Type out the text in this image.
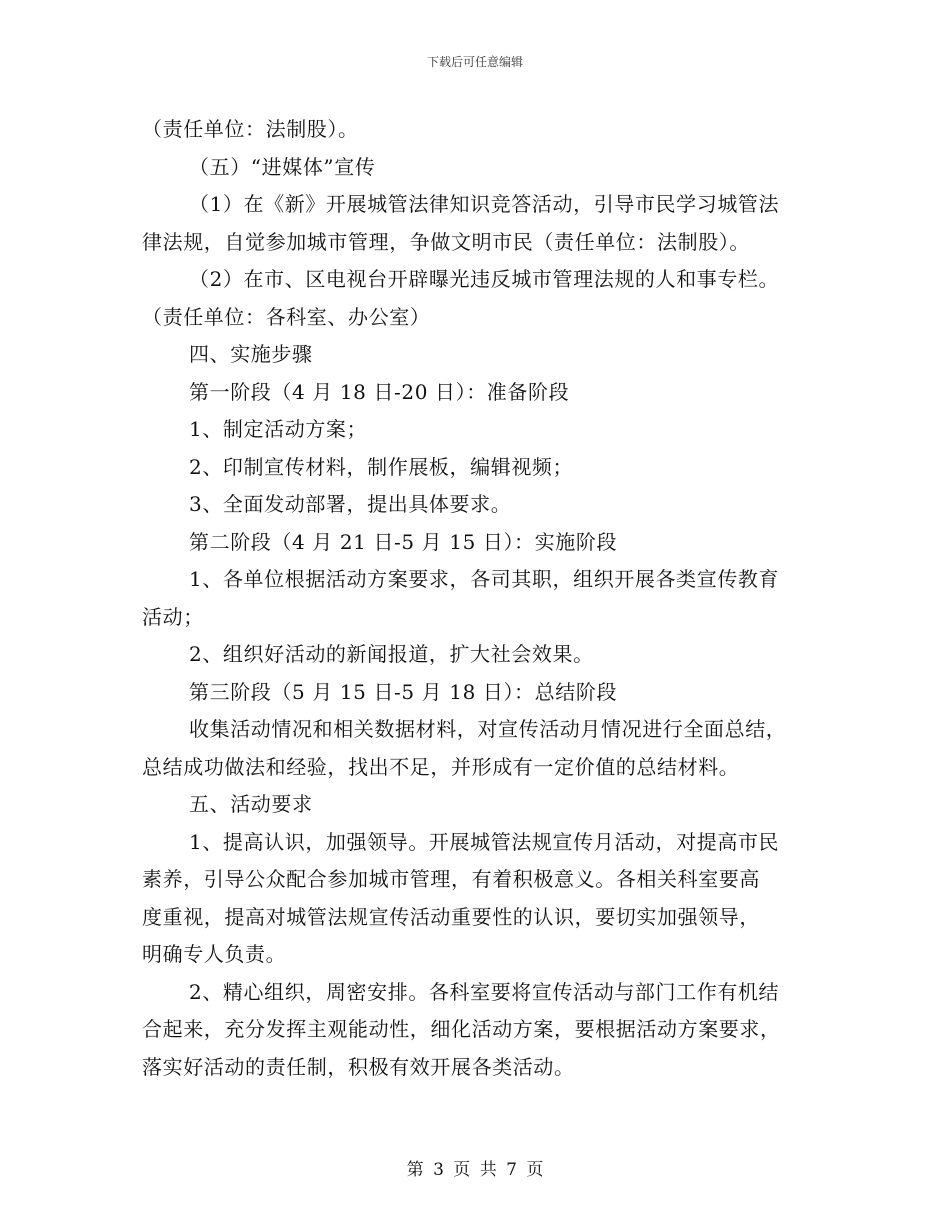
下载后可任意编辑
（责任单位：法制股）。
（五）“进媒体”宣传
（1）在《新》开展城管法律知识竞答活动，引导市民学习城管法
律法规，自觉参加城市管理，争做文明市民（责任单位：法制股）。
（2）在市、区电视台开辟曝光违反城市管理法规的人和事专栏。
（责任单位：各科室、办公室）
四、实施步骤
第一阶段（4 月 18 日-20 日）：准备阶段
1、制定活动方案；
2、印制宣传材料，制作展板，编辑视频；
3、全面发动部署，提出具体要求。
第二阶段（4 月 21 日-5 月 15 日）：实施阶段
1、各单位根据活动方案要求，各司其职，组织开展各类宣传教育
活动；
2、组织好活动的新闻报道，扩大社会效果。
第三阶段（5 月 15 日-5 月 18 日）：总结阶段
收集活动情况和相关数据材料，对宣传活动月情况进行全面总结，
总结成功做法和经验，找出不足，并形成有一定价值的总结材料。
五、活动要求
1、提高认识，加强领导。开展城管法规宣传月活动，对提高市民
素养，引导公众配合参加城市管理，有着积极意义。各相关科室要高
度重视，提高对城管法规宣传活动重要性的认识，要切实加强领导，
明确专人负责。
2、精心组织，周密安排。各科室要将宣传活动与部门工作有机结
合起来，充分发挥主观能动性，细化活动方案，要根据活动方案要求，
落实好活动的责任制，积极有效开展各类活动。
第 3 页 共 7 页
